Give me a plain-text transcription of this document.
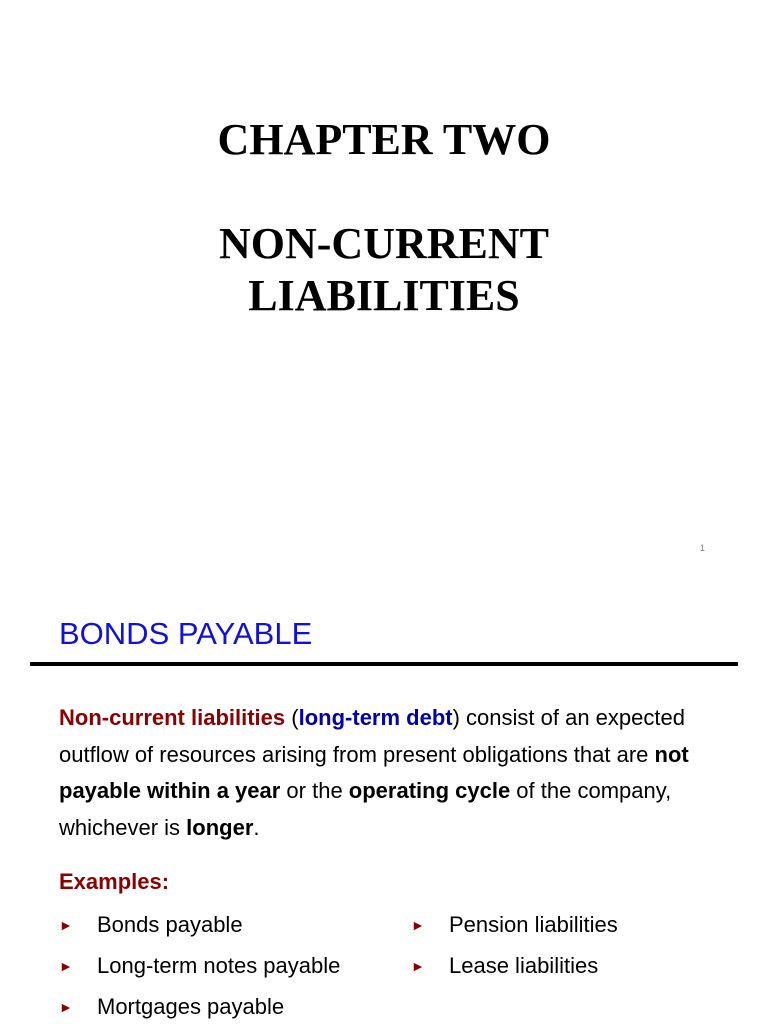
CHAPTER TWO
NON-CURRENT
LIABILITIES
1
BONDS PAYABLE
Non-current liabilities (long-term debt) consist of an expected outflow of resources arising from present obligations that are not payable within a year or the operating cycle of the company, whichever is longer.
Examples:
►	Bonds payable
►	Long-term notes payable
►	Mortgages payable
►	Pension liabilities
►	Lease liabilities
